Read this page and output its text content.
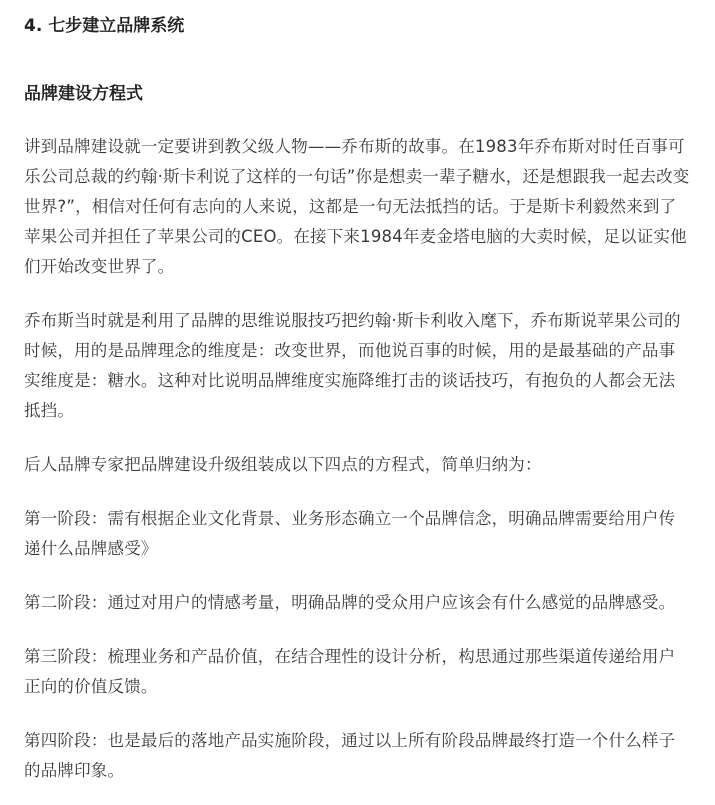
4. 七步建立品牌系统
品牌建设方程式

讲到品牌建设就一定要讲到教父级人物——乔布斯的故事。在1983年乔布斯对时任百事可乐公司总裁的约翰·斯卡利说了这样的一句话”你是想卖一辈子糖水，还是想跟我一起去改变世界?”，相信对任何有志向的人来说，这都是一句无法抵挡的话。于是斯卡利毅然来到了苹果公司并担任了苹果公司的CEO。在接下来1984年麦金塔电脑的大卖时候，足以证实他们开始改变世界了。

乔布斯当时就是利用了品牌的思维说服技巧把约翰·斯卡利收入麾下，乔布斯说苹果公司的时候，用的是品牌理念的维度是：改变世界，而他说百事的时候，用的是最基础的产品事实维度是：糖水。这种对比说明品牌维度实施降维打击的谈话技巧，有抱负的人都会无法抵挡。

后人品牌专家把品牌建设升级组装成以下四点的方程式，简单归纳为：

第一阶段：需有根据企业文化背景、业务形态确立一个品牌信念，明确品牌需要给用户传递什么品牌感受》

第二阶段：通过对用户的情感考量，明确品牌的受众用户应该会有什么感觉的品牌感受。

第三阶段：梳理业务和产品价值，在结合理性的设计分析，构思通过那些渠道传递给用户正向的价值反馈。

第四阶段：也是最后的落地产品实施阶段，通过以上所有阶段品牌最终打造一个什么样子的品牌印象。
